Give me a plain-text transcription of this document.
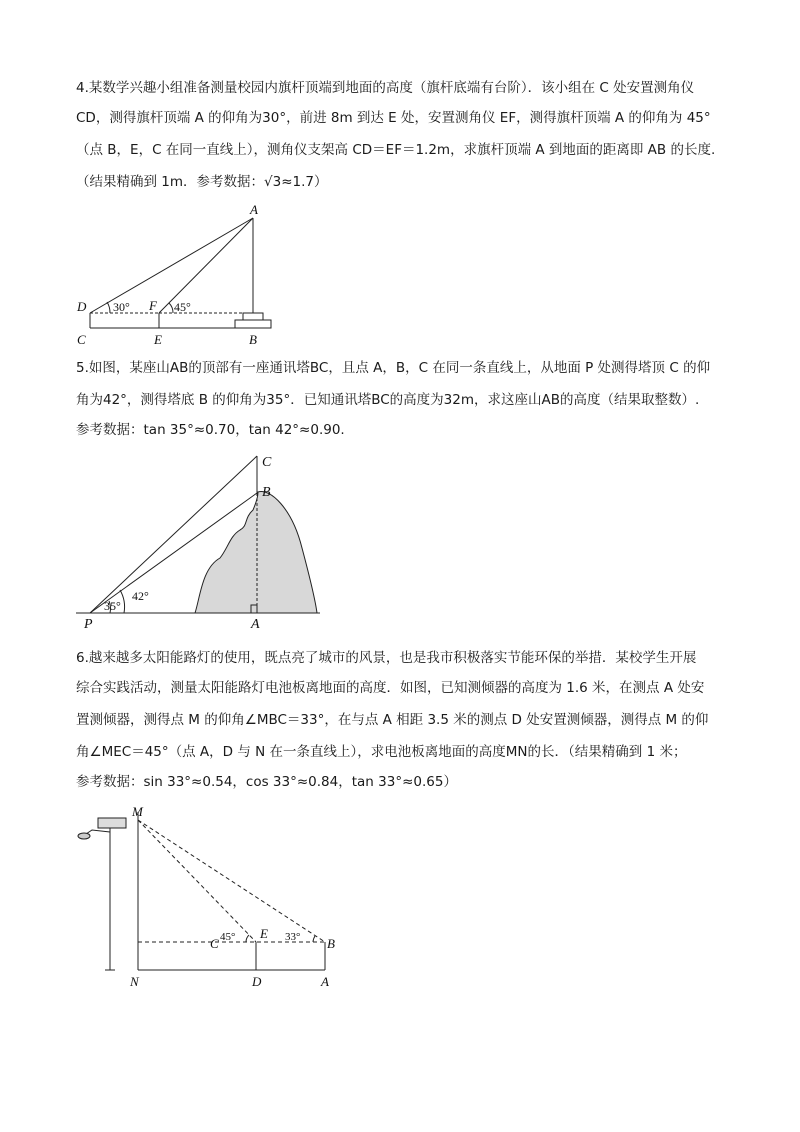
4.某数学兴趣小组准备测量校园内旗杆顶端到地面的高度（旗杆底端有台阶）．该小组在 C 处安置测角仪
CD，测得旗杆顶端 A 的仰角为30°，前进 8m 到达 E 处，安置测角仪 EF，测得旗杆顶端 A 的仰角为 45°
（点 B，E，C 在同一直线上），测角仪支架高 CD＝EF＝1.2m，求旗杆顶端 A 到地面的距离即 AB 的长度.
（结果精确到 1m．参考数据：√3≈1.7）
A
D	F
C	E	B
30°	45°
5.如图，某座山AB的顶部有一座通讯塔BC，且点 A，B，C 在同一条直线上，从地面 P 处测得塔顶 C 的仰
角为42°，测得塔底 B 的仰角为35°．已知通讯塔BC的高度为32m，求这座山AB的高度（结果取整数）.
参考数据：tan 35°≈0.70，tan 42°≈0.90.
C
B
P	A
35°
42°
6.越来越多太阳能路灯的使用，既点亮了城市的风景，也是我市积极落实节能环保的举措．某校学生开展
综合实践活动，测量太阳能路灯电池板离地面的高度．如图，已知测倾器的高度为 1.6 米，在测点 A 处安
置测倾器，测得点 M 的仰角∠MBC＝33°，在与点 A 相距 3.5 米的测点 D 处安置测倾器，测得点 M 的仰
角∠MEC＝45°（点 A，D 与 N 在一条直线上），求电池板离地面的高度MN的长．（结果精确到 1 米；
参考数据：sin 33°≈0.54，cos 33°≈0.84，tan 33°≈0.65）
M
C
E
B
N	D	A
45°	33°
